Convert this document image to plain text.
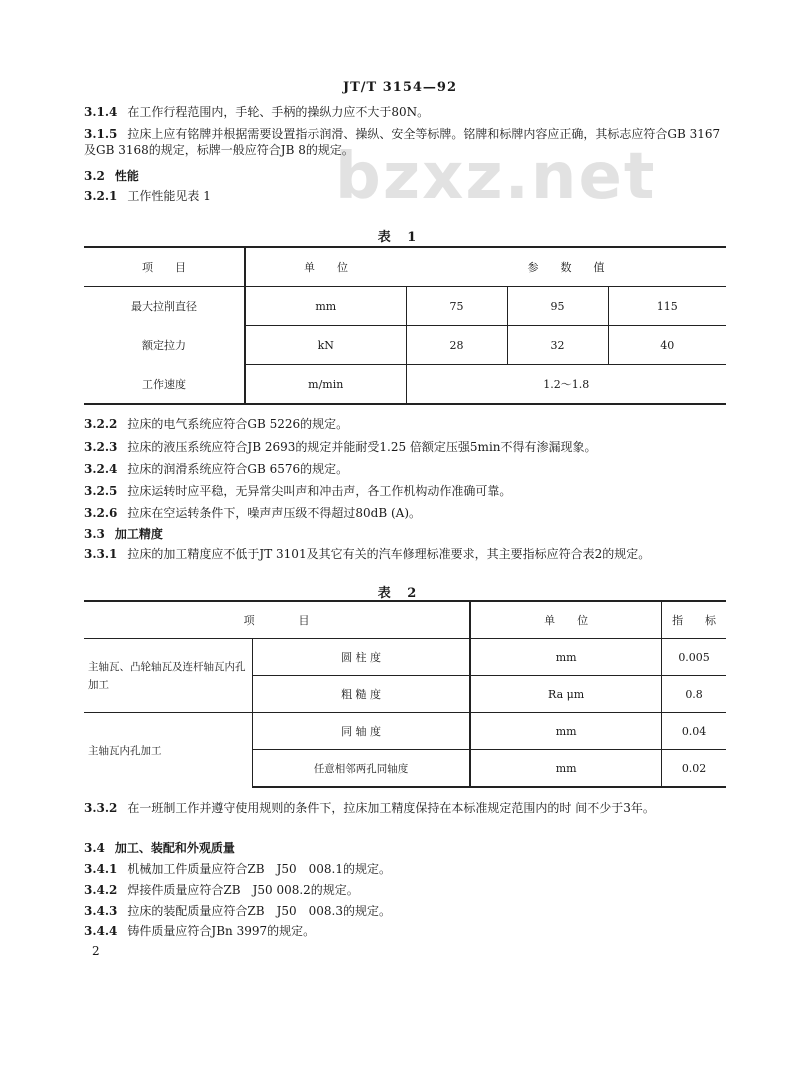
JT/T 3154—92
bzxz.net
3.1.4 在工作行程范围内，手轮、手柄的操纵力应不大于80N。
3.1.5 拉床上应有铭牌并根据需要设置指示润滑、操纵、安全等标牌。铭牌和标牌内容应正确，其标志应符合GB 3167及GB 3168的规定，标牌一般应符合JB 8的规定。
3.2 性能
3.2.1 工作性能见表 1
表 1
项　　目	单　　位	参　　数　　值		
最大拉削直径	mm	75	95	115
额定拉力	kN	28	32	40
工作速度	m/min	1.2～1.8		
3.2.2 拉床的电气系统应符合GB 5226的规定。
3.2.3 拉床的液压系统应符合JB 2693的规定并能耐受1.25 倍额定压强5min不得有渗漏现象。
3.2.4 拉床的润滑系统应符合GB 6576的规定。
3.2.5 拉床运转时应平稳，无异常尖叫声和冲击声，各工作机构动作准确可靠。
3.2.6 拉床在空运转条件下，噪声声压级不得超过80dB (A)。
3.3 加工精度
3.3.1 拉床的加工精度应不低于JT 3101及其它有关的汽车修理标准要求，其主要指标应符合表2的规定。
表 2
项　　　　目		单　　位	指　　标
主轴瓦、凸轮轴瓦及连杆轴瓦内孔加工	圆 柱 度	mm	0.005
	粗 糙 度	Ra μm	0.8
主轴瓦内孔加工	同 轴 度	mm	0.04
	任意相邻两孔同轴度	mm	0.02
3.3.2 在一班制工作并遵守使用规则的条件下，拉床加工精度保持在本标准规定范围内的时 间不少于3年。
3.4 加工、装配和外观质量
3.4.1 机械加工件质量应符合ZB　J50　008.1的规定。
3.4.2 焊接件质量应符合ZB　J50 008.2的规定。
3.4.3 拉床的装配质量应符合ZB　J50　008.3的规定。
3.4.4 铸件质量应符合JBn 3997的规定。
2
